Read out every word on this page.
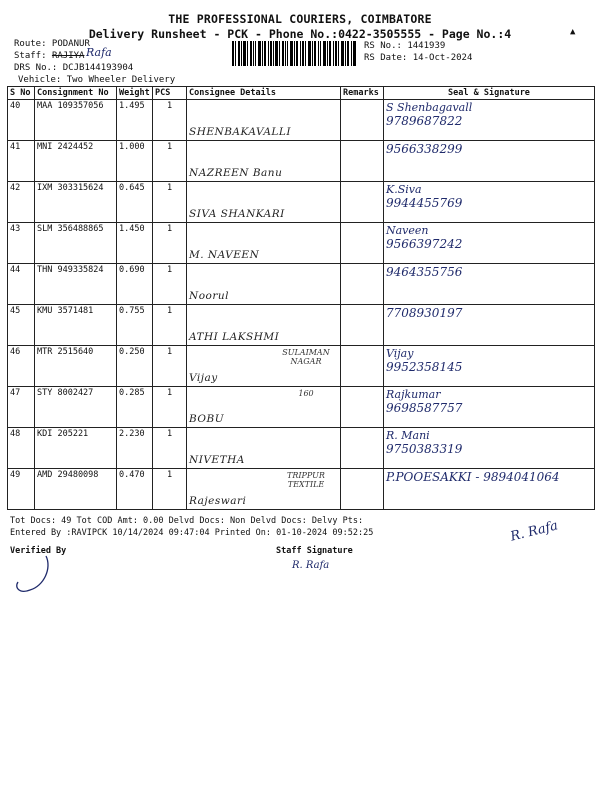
THE PROFESSIONAL COURIERS, COIMBATORE
Delivery Runsheet - PCK - Phone No.:0422-3505555 - Page No.:4	▲
Route: PODANUR
Staff: RAJIYA Rafa
DRS No.: DCJB144193904
Vehicle: Two Wheeler Delivery
RS No.: 1441939
RS Date: 14-Oct-2024
S No	Consignment No	Weight	PCS	Consignee Details	Remarks	Seal & Signature
40	MAA 109357056	1.495	1	SHENBAKAVALLI		S Shenbagavall
9789687822

41	MNI 2424452	1.000	1	NAZREEN Banu		9566338299

42	IXM 303315624	0.645	1	SIVA SHANKARI		K.Siva
9944455769

43	SLM 356488865	1.450	1	M. NAVEEN		Naveen
9566397242

44	THN 949335824	0.690	1	Noorul		9464355756

45	KMU 3571481	0.755	1	ATHI LAKSHMI		7708930197

46	MTR 2515640	0.250	1	SULAIMAN NAGAR
Vijay		Vijay
9952358145

47	STY 8002427	0.285	1	160
BOBU		Rajkumar
9698587757

48	KDI 205221	2.230	1	NIVETHA		R. Mani
9750383319

49	AMD 29480098	0.470	1	TRIPPUR TEXTILE
Rajeswari		P.POOESAKKI - 9894041064
Tot Docs: 49 Tot COD Amt: 0.00 Delvd Docs: Non Delvd Docs: Delvy Pts:
Entered By :RAVIPCK 10/14/2024 09:47:04 Printed On: 01-10-2024 09:52:25
Verified By	Staff Signature
R. Rafa
R. Rafa
